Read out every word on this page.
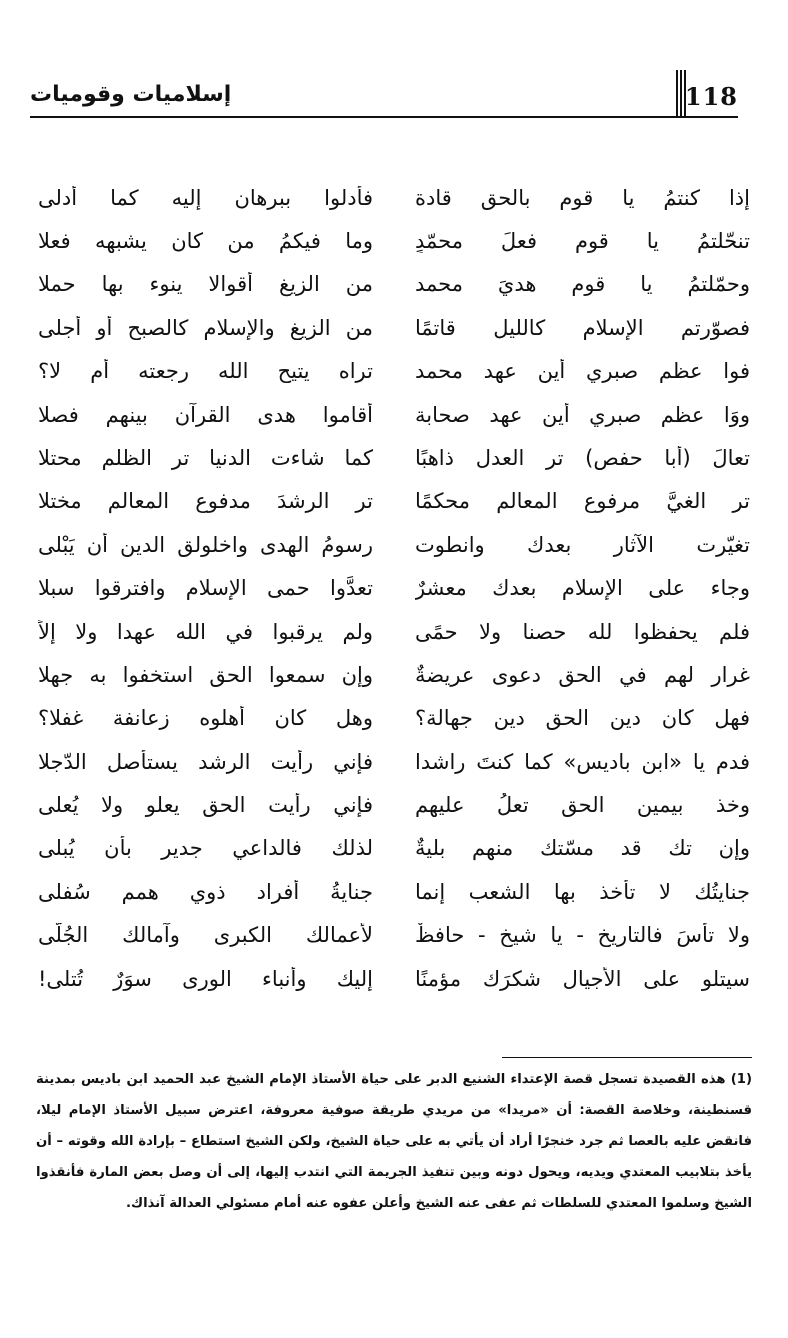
118
إسلاميات وقوميات
إذا كنتمُ يا قوم بالحق قادة
فأدلوا ببرهان إليه كما أدلى
تنحّلتمُ يا قوم فعلَ محمّدٍ
وما فيكمُ من كان يشبهه فعلا
وحمّلتمُ يا قوم هديَ محمد
من الزيغ أقوالا ينوء بها حملا
فصوّرتم الإسلام كالليل قاتمًا
من الزيغ والإسلام كالصبح أو أجلى
فوا عظم صبري أين عهد محمد
تراه يتيح الله رجعته أم لا؟
ووَا عظم صبري أين عهد صحابة
أقاموا هدى القرآن بينهم فصلا
تعالَ (أبا حفص) تر العدل ذاهبًا
كما شاءت الدنيا تر الظلم محتلا
تر الغيَّ مرفوع المعالم محكمًا
تر الرشدَ مدفوع المعالم مختلا
تغيّرت الآثار بعدك وانطوت
رسومُ الهدى واخلولق الدين أن يَبْلى
وجاء على الإسلام بعدك معشرٌ
تعدَّوا حمى الإسلام وافترقوا سبلا
فلم يحفظوا لله حصنا ولا حمًى
ولم يرقبوا في الله عهدا ولا إلاً
غرار لهم في الحق دعوى عريضةٌ
وإن سمعوا الحق استخفوا به جهلا
فهل كان دين الحق دين جهالة؟
وهل كان أهلوه زعانفة غفلا؟
فدم يا «ابن باديسٍ» كما كنتَ راشدا
فإني رأيت الرشد يستأصل الدّجلا
وخذ بيمين الحق تعلُ عليهم
فإني رأيت الحق يعلو ولا يُعلى
وإن تك قد مسّتك منهم بليةٌ
لذلك فالداعي جدير بأن يُبلى
جنايتُك لا تأخذ بها الشعب إنما
جنايةُ أفراد ذوي همم سُفلى
ولا تأسَ فالتاريخ - يا شيخ - حافظٌ
لأعمالك الكبرى وآمالك الجُلّى
سيتلو على الأجيال شكرَك مؤمنًا
إليك وأنباء الورى سوَرٌ تُتلى!
(1) هذه القصيدة تسجل قصة الإعتداء الشنيع الدبر على حياة الأستاذ الإمام الشيخ عبد الحميد ابن باديس بمدينة قسنطينة، وخلاصة القصة: أن «مريدا» من مريدي طريقة صوفية معروفة، اعترض سبيل الأستاذ الإمام ليلا، فانقض عليه بالعصا ثم جرد خنجرًا أراد أن يأتي به على حياة الشيخ، ولكن الشيخ استطاع – بإرادة الله وقوته – أن يأخذ بتلابيب المعتدي ويديه، ويحول دونه وبين تنفيذ الجريمة التي انتدب إليها، إلى أن وصل بعض المارة فأنقذوا الشيخ وسلموا المعتدي للسلطات ثم عفى عنه الشيخ وأعلن عفوه عنه أمام مسئولي العدالة آنذاك.
